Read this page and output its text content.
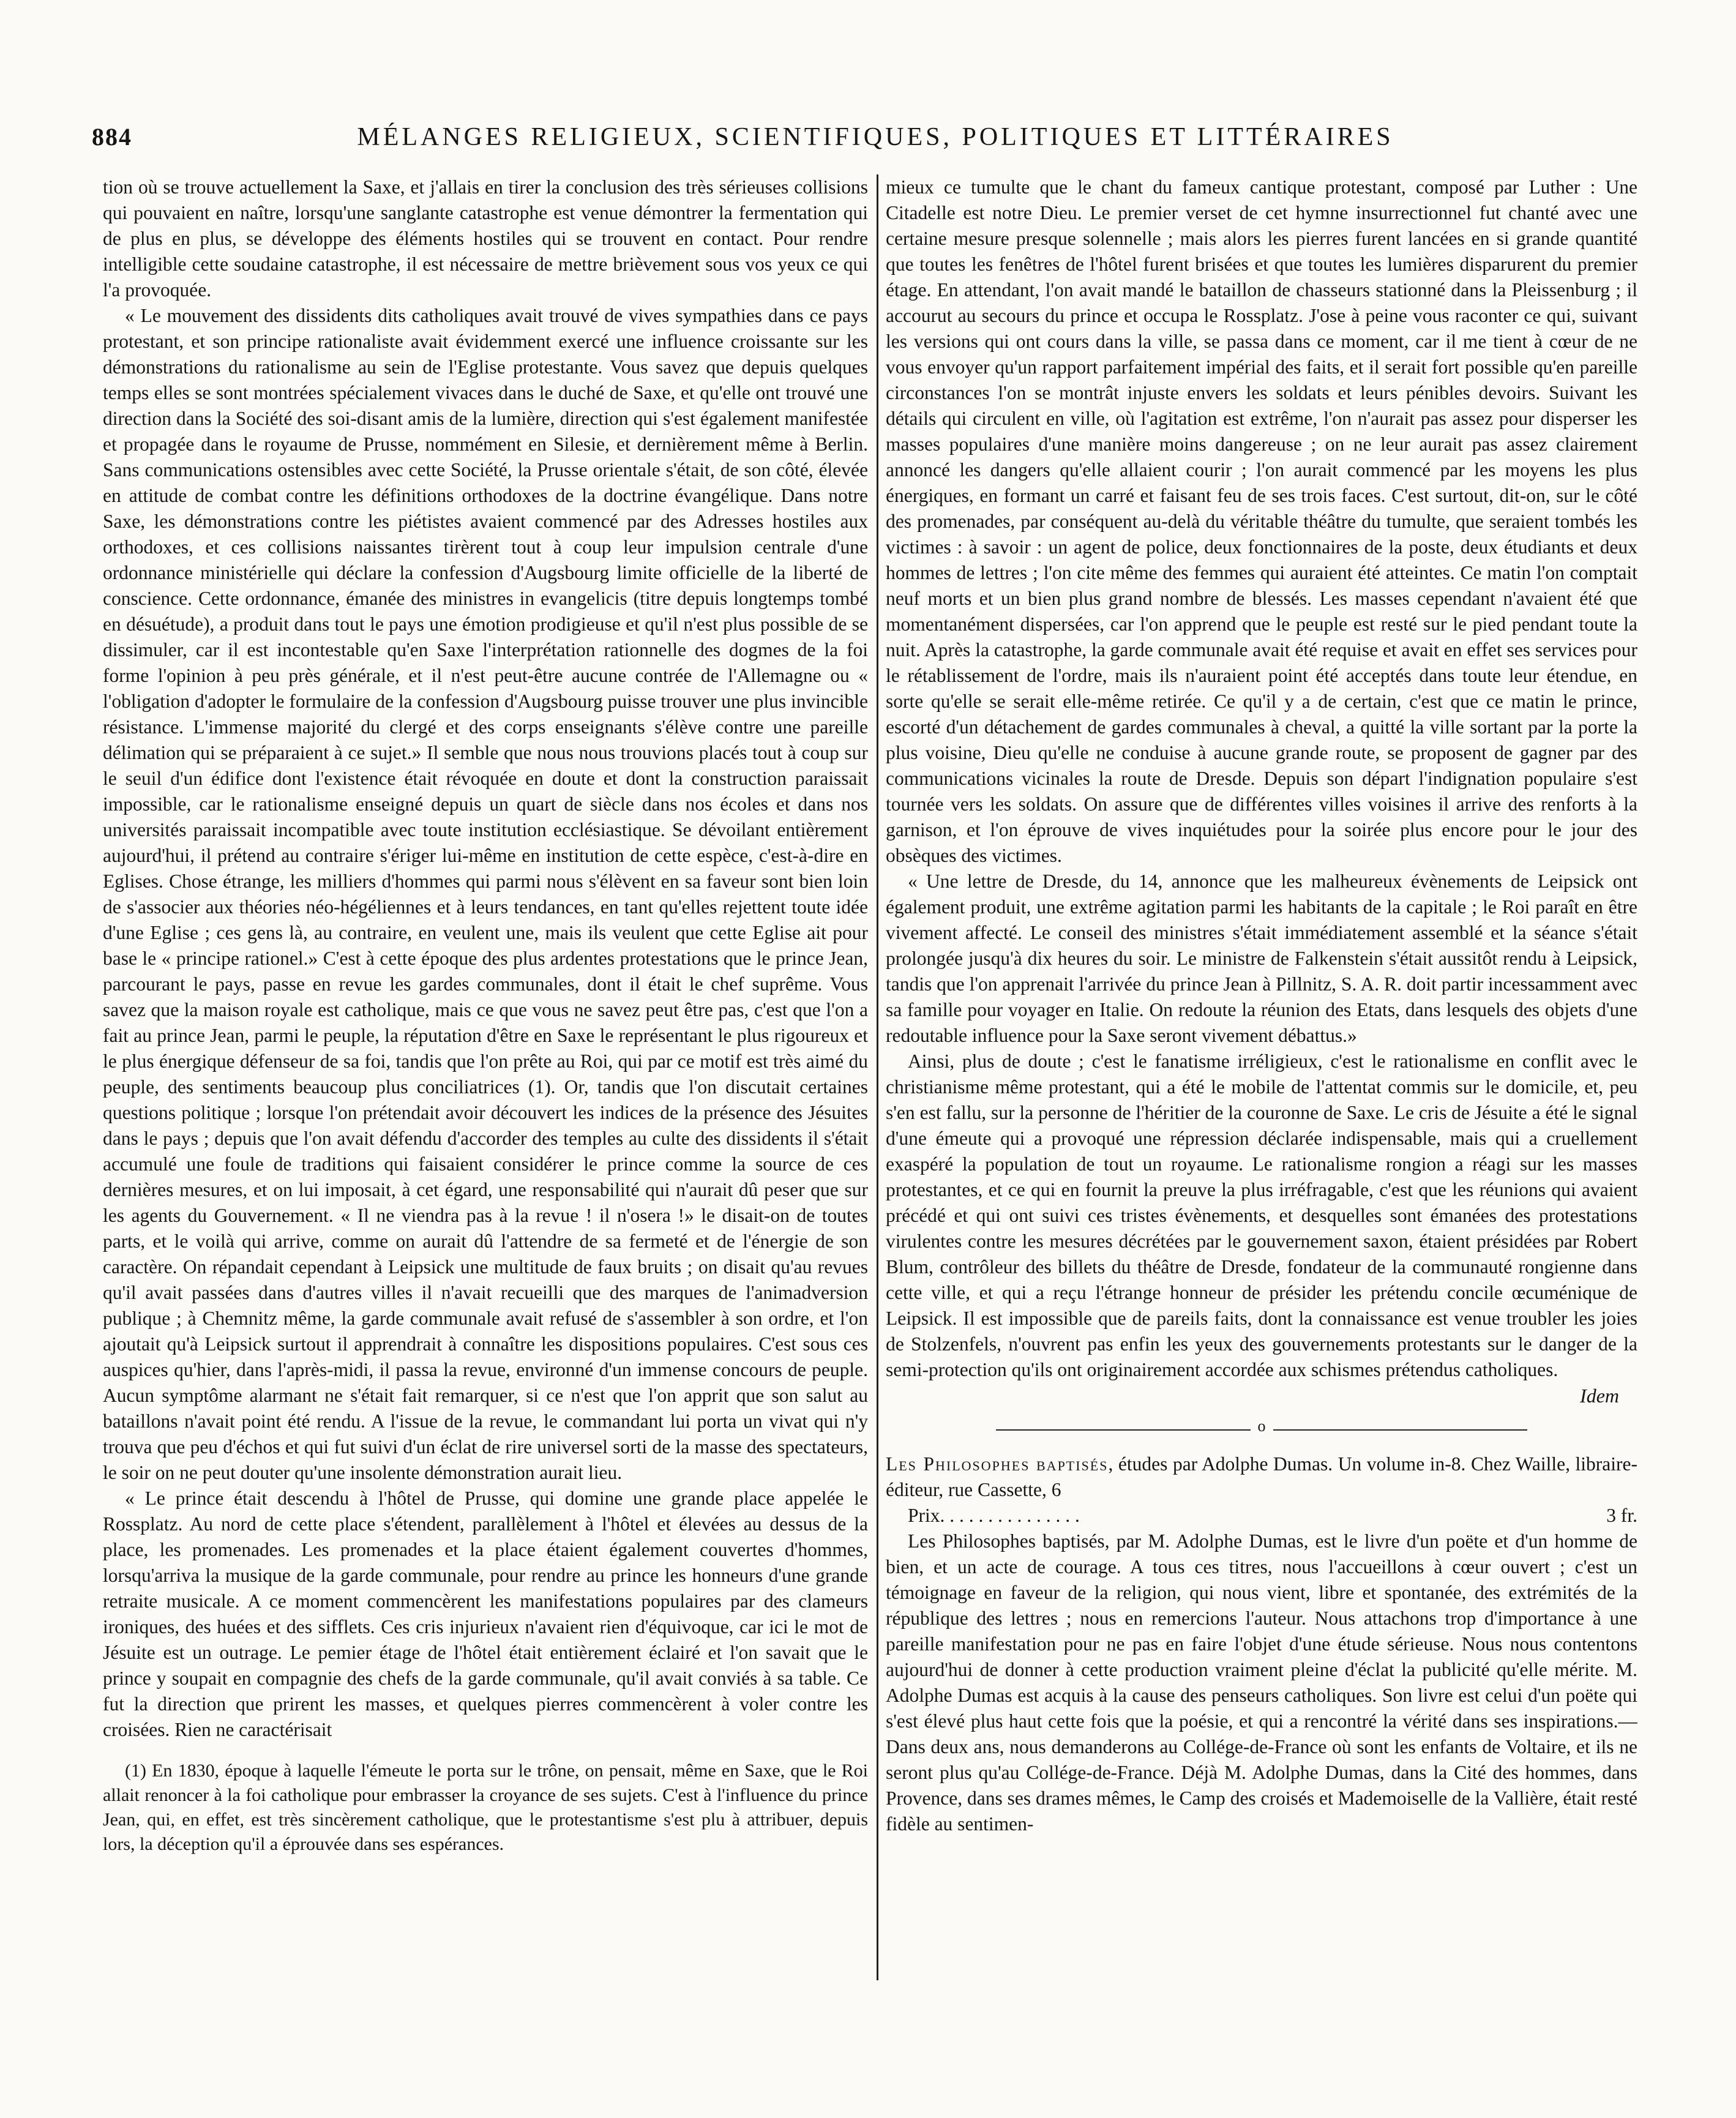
884	MÉLANGES RELIGIEUX, SCIENTIFIQUES, POLITIQUES ET LITTÉRAIRES

tion où se trouve actuellement la Saxe, et j'allais en tirer la conclusion des très sérieuses collisions qui pouvaient en naître, lorsqu'une sanglante catastrophe est venue démontrer la fermentation qui de plus en plus, se développe des éléments hostiles qui se trouvent en contact. Pour rendre intelligible cette soudaine catastrophe, il est nécessaire de mettre brièvement sous vos yeux ce qui l'a provoquée.

« Le mouvement des dissidents dits catholiques avait trouvé de vives sympathies dans ce pays protestant, et son principe rationaliste avait évidemment exercé une influence croissante sur les démonstrations du rationalisme au sein de l'Eglise protestante. Vous savez que depuis quelques temps elles se sont montrées spécialement vivaces dans le duché de Saxe, et qu'elle ont trouvé une direction dans la Société des soi-disant amis de la lumière, direction qui s'est également manifestée et propagée dans le royaume de Prusse, nommément en Silesie, et dernièrement même à Berlin. Sans communications ostensibles avec cette Société, la Prusse orientale s'était, de son côté, élevée en attitude de combat contre les définitions orthodoxes de la doctrine évangélique. Dans notre Saxe, les démonstrations contre les piétistes avaient commencé par des Adresses hostiles aux orthodoxes, et ces collisions naissantes tirèrent tout à coup leur impulsion centrale d'une ordonnance ministérielle qui déclare la confession d'Augsbourg limite officielle de la liberté de conscience. Cette ordonnance, émanée des ministres in evangelicis (titre depuis longtemps tombé en désuétude), a produit dans tout le pays une émotion prodigieuse et qu'il n'est plus possible de se dissimuler, car il est incontestable qu'en Saxe l'interprétation rationnelle des dogmes de la foi forme l'opinion à peu près générale, et il n'est peut-être aucune contrée de l'Allemagne ou « l'obligation d'adopter le formulaire de la confession d'Augsbourg puisse trouver une plus invincible résistance. L'immense majorité du clergé et des corps enseignants s'élève contre une pareille délimation qui se préparaient à ce sujet.» Il semble que nous nous trouvions placés tout à coup sur le seuil d'un édifice dont l'existence était révoquée en doute et dont la construction paraissait impossible, car le rationalisme enseigné depuis un quart de siècle dans nos écoles et dans nos universités paraissait incompatible avec toute institution ecclésiastique. Se dévoilant entièrement aujourd'hui, il prétend au contraire s'ériger lui-même en institution de cette espèce, c'est-à-dire en Eglises. Chose étrange, les milliers d'hommes qui parmi nous s'élèvent en sa faveur sont bien loin de s'associer aux théories néo-hégéliennes et à leurs tendances, en tant qu'elles rejettent toute idée d'une Eglise ; ces gens là, au contraire, en veulent une, mais ils veulent que cette Eglise ait pour base le « principe rationel.» C'est à cette époque des plus ardentes protestations que le prince Jean, parcourant le pays, passe en revue les gardes communales, dont il était le chef suprême. Vous savez que la maison royale est catholique, mais ce que vous ne savez peut être pas, c'est que l'on a fait au prince Jean, parmi le peuple, la réputation d'être en Saxe le représentant le plus rigoureux et le plus énergique défenseur de sa foi, tandis que l'on prête au Roi, qui par ce motif est très aimé du peuple, des sentiments beaucoup plus conciliatrices (1). Or, tandis que l'on discutait certaines questions politique ; lorsque l'on prétendait avoir découvert les indices de la présence des Jésuites dans le pays ; depuis que l'on avait défendu d'accorder des temples au culte des dissidents il s'était accumulé une foule de traditions qui faisaient considérer le prince comme la source de ces dernières mesures, et on lui imposait, à cet égard, une responsabilité qui n'aurait dû peser que sur les agents du Gouvernement. « Il ne viendra pas à la revue ! il n'osera !» le disait-on de toutes parts, et le voilà qui arrive, comme on aurait dû l'attendre de sa fermeté et de l'énergie de son caractère. On répandait cependant à Leipsick une multitude de faux bruits ; on disait qu'au revues qu'il avait passées dans d'autres villes il n'avait recueilli que des marques de l'animadversion publique ; à Chemnitz même, la garde communale avait refusé de s'assembler à son ordre, et l'on ajoutait qu'à Leipsick surtout il apprendrait à connaître les dispositions populaires. C'est sous ces auspices qu'hier, dans l'après-midi, il passa la revue, environné d'un immense concours de peuple. Aucun symptôme alarmant ne s'était fait remarquer, si ce n'est que l'on apprit que son salut au bataillons n'avait point été rendu. A l'issue de la revue, le commandant lui porta un vivat qui n'y trouva que peu d'échos et qui fut suivi d'un éclat de rire universel sorti de la masse des spectateurs, le soir on ne peut douter qu'une insolente démonstration aurait lieu.

« Le prince était descendu à l'hôtel de Prusse, qui domine une grande place appelée le Rossplatz. Au nord de cette place s'étendent, parallèlement à l'hôtel et élevées au dessus de la place, les promenades. Les promenades et la place étaient également couvertes d'hommes, lorsqu'arriva la musique de la garde communale, pour rendre au prince les honneurs d'une grande retraite musicale. A ce moment commencèrent les manifestations populaires par des clameurs ironiques, des huées et des sifflets. Ces cris injurieux n'avaient rien d'équivoque, car ici le mot de Jésuite est un outrage. Le pemier étage de l'hôtel était entièrement éclairé et l'on savait que le prince y soupait en compagnie des chefs de la garde communale, qu'il avait conviés à sa table. Ce fut la direction que prirent les masses, et quelques pierres commencèrent à voler contre les croisées. Rien ne caractérisait

(1) En 1830, époque à laquelle l'émeute le porta sur le trône, on pensait, même en Saxe, que le Roi allait renoncer à la foi catholique pour embrasser la croyance de ses sujets. C'est à l'influence du prince Jean, qui, en effet, est très sincèrement catholique, que le protestantisme s'est plu à attribuer, depuis lors, la déception qu'il a éprouvée dans ses espérances.

mieux ce tumulte que le chant du fameux cantique protestant, composé par Luther : Une Citadelle est notre Dieu. Le premier verset de cet hymne insurrectionnel fut chanté avec une certaine mesure presque solennelle ; mais alors les pierres furent lancées en si grande quantité que toutes les fenêtres de l'hôtel furent brisées et que toutes les lumières disparurent du premier étage. En attendant, l'on avait mandé le bataillon de chasseurs stationné dans la Pleissenburg ; il accourut au secours du prince et occupa le Rossplatz. J'ose à peine vous raconter ce qui, suivant les versions qui ont cours dans la ville, se passa dans ce moment, car il me tient à cœur de ne vous envoyer qu'un rapport parfaitement impérial des faits, et il serait fort possible qu'en pareille circonstances l'on se montrât injuste envers les soldats et leurs pénibles devoirs. Suivant les détails qui circulent en ville, où l'agitation est extrême, l'on n'aurait pas assez pour disperser les masses populaires d'une manière moins dangereuse ; on ne leur aurait pas assez clairement annoncé les dangers qu'elle allaient courir ; l'on aurait commencé par les moyens les plus énergiques, en formant un carré et faisant feu de ses trois faces. C'est surtout, dit-on, sur le côté des promenades, par conséquent au-delà du véritable théâtre du tumulte, que seraient tombés les victimes : à savoir : un agent de police, deux fonctionnaires de la poste, deux étudiants et deux hommes de lettres ; l'on cite même des femmes qui auraient été atteintes. Ce matin l'on comptait neuf morts et un bien plus grand nombre de blessés. Les masses cependant n'avaient été que momentanément dispersées, car l'on apprend que le peuple est resté sur le pied pendant toute la nuit. Après la catastrophe, la garde communale avait été requise et avait en effet ses services pour le rétablissement de l'ordre, mais ils n'auraient point été acceptés dans toute leur étendue, en sorte qu'elle se serait elle-même retirée. Ce qu'il y a de certain, c'est que ce matin le prince, escorté d'un détachement de gardes communales à cheval, a quitté la ville sortant par la porte la plus voisine, Dieu qu'elle ne conduise à aucune grande route, se proposent de gagner par des communications vicinales la route de Dresde. Depuis son départ l'indignation populaire s'est tournée vers les soldats. On assure que de différentes villes voisines il arrive des renforts à la garnison, et l'on éprouve de vives inquiétudes pour la soirée plus encore pour le jour des obsèques des victimes.

« Une lettre de Dresde, du 14, annonce que les malheureux évènements de Leipsick ont également produit, une extrême agitation parmi les habitants de la capitale ; le Roi paraît en être vivement affecté. Le conseil des ministres s'était immédiatement assemblé et la séance s'était prolongée jusqu'à dix heures du soir. Le ministre de Falkenstein s'était aussitôt rendu à Leipsick, tandis que l'on apprenait l'arrivée du prince Jean à Pillnitz, S. A. R. doit partir incessamment avec sa famille pour voyager en Italie. On redoute la réunion des Etats, dans lesquels des objets d'une redoutable influence pour la Saxe seront vivement débattus.»

Ainsi, plus de doute ; c'est le fanatisme irréligieux, c'est le rationalisme en conflit avec le christianisme même protestant, qui a été le mobile de l'attentat commis sur le domicile, et, peu s'en est fallu, sur la personne de l'héritier de la couronne de Saxe. Le cris de Jésuite a été le signal d'une émeute qui a provoqué une répression déclarée indispensable, mais qui a cruellement exaspéré la population de tout un royaume. Le rationalisme rongion a réagi sur les masses protestantes, et ce qui en fournit la preuve la plus irréfragable, c'est que les réunions qui avaient précédé et qui ont suivi ces tristes évènements, et desquelles sont émanées des protestations virulentes contre les mesures décrétées par le gouvernement saxon, étaient présidées par Robert Blum, contrôleur des billets du théâtre de Dresde, fondateur de la communauté rongienne dans cette ville, et qui a reçu l'étrange honneur de présider les prétendu concile œcuménique de Leipsick. Il est impossible que de pareils faits, dont la connaissance est venue troubler les joies de Stolzenfels, n'ouvrent pas enfin les yeux des gouvernements protestants sur le danger de la semi-protection qu'ils ont originairement accordée aux schismes prétendus catholiques.

Idem

o

Les Philosophes baptisés, études par Adolphe Dumas. Un volume in-8. Chez Waille, libraire-éditeur, rue Cassette, 6

Prix. . . . . . . . . . . . . . .	3 fr.

Les Philosophes baptisés, par M. Adolphe Dumas, est le livre d'un poëte et d'un homme de bien, et un acte de courage. A tous ces titres, nous l'accueillons à cœur ouvert ; c'est un témoignage en faveur de la religion, qui nous vient, libre et spontanée, des extrémités de la république des lettres ; nous en remercions l'auteur. Nous attachons trop d'importance à une pareille manifestation pour ne pas en faire l'objet d'une étude sérieuse. Nous nous contentons aujourd'hui de donner à cette production vraiment pleine d'éclat la publicité qu'elle mérite. M. Adolphe Dumas est acquis à la cause des penseurs catholiques. Son livre est celui d'un poëte qui s'est élevé plus haut cette fois que la poésie, et qui a rencontré la vérité dans ses inspirations.—Dans deux ans, nous demanderons au Collége-de-France où sont les enfants de Voltaire, et ils ne seront plus qu'au Collége-de-France. Déjà M. Adolphe Dumas, dans la Cité des hommes, dans Provence, dans ses drames mêmes, le Camp des croisés et Mademoiselle de la Vallière, était resté fidèle au sentimen-
